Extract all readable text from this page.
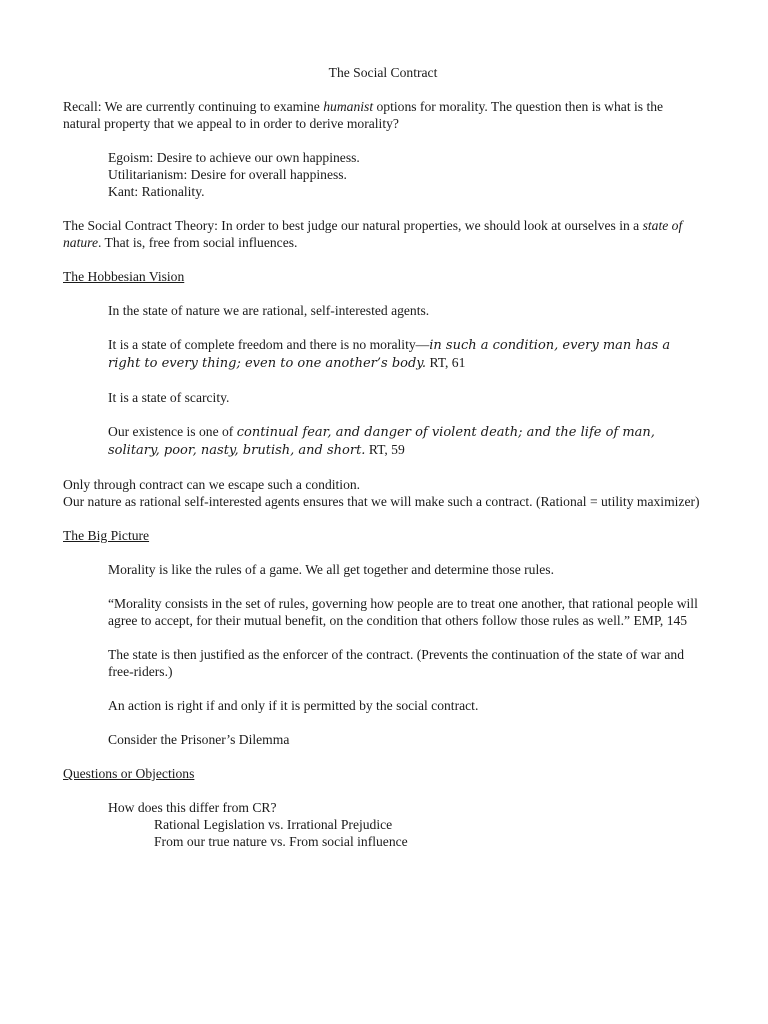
The Social Contract

Recall: We are currently continuing to examine humanist options for morality. The question then is what is the natural property that we appeal to in order to derive morality?

Egoism: Desire to achieve our own happiness.

Utilitarianism: Desire for overall happiness.

Kant: Rationality.

The Social Contract Theory: In order to best judge our natural properties, we should look at ourselves in a state of nature. That is, free from social influences.

The Hobbesian Vision

In the state of nature we are rational, self-interested agents.

It is a state of complete freedom and there is no morality—in such a condition, every man has a right to every thing; even to one another’s body. RT, 61

It is a state of scarcity.

Our existence is one of continual fear, and danger of violent death; and the life of man, solitary, poor, nasty, brutish, and short. RT, 59

Only through contract can we escape such a condition.

Our nature as rational self-interested agents ensures that we will make such a contract. (Rational = utility maximizer)

The Big Picture

Morality is like the rules of a game. We all get together and determine those rules.

“Morality consists in the set of rules, governing how people are to treat one another, that rational people will agree to accept, for their mutual benefit, on the condition that others follow those rules as well.” EMP, 145

The state is then justified as the enforcer of the contract. (Prevents the continuation of the state of war and free-riders.)

An action is right if and only if it is permitted by the social contract.

Consider the Prisoner’s Dilemma

Questions or Objections

How does this differ from CR?

Rational Legislation vs. Irrational Prejudice

From our true nature vs. From social influence
